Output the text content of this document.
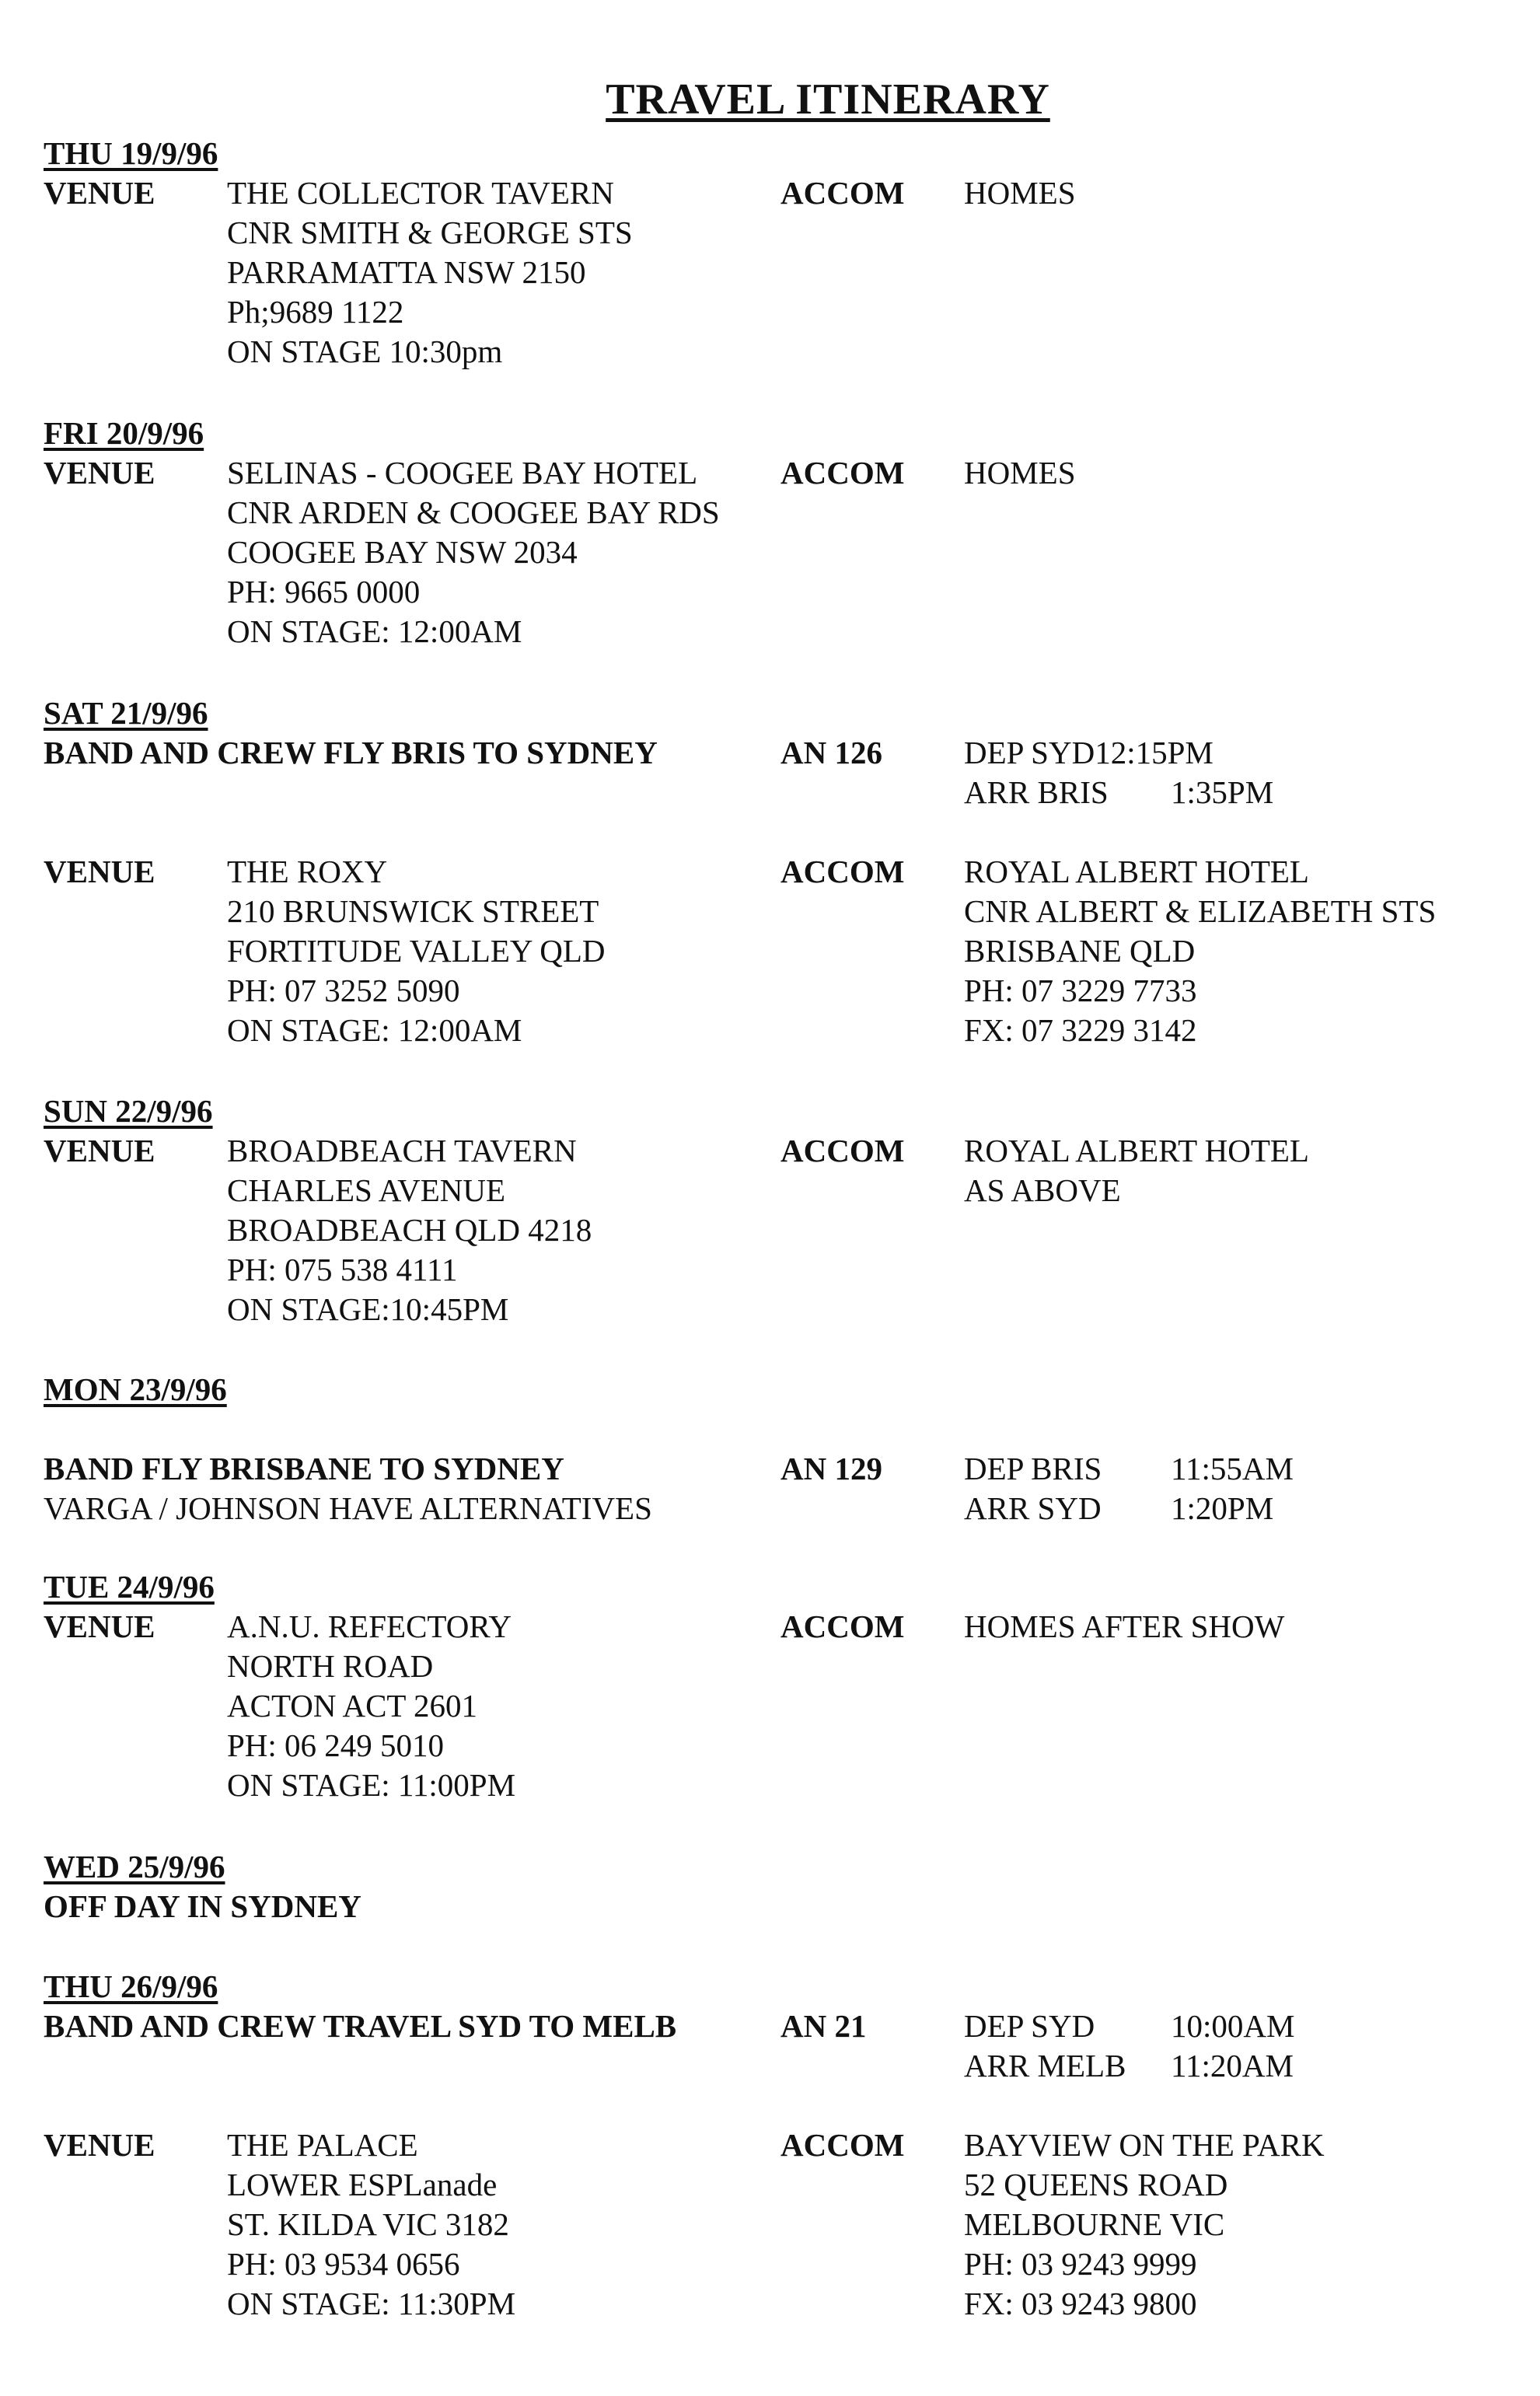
TRAVEL ITINERARY
THU 19/9/96
VENUE THE COLLECTOR TAVERN	ACCOM HOMES
CNR SMITH & GEORGE STS
PARRAMATTA NSW 2150
Ph;9689 1122
ON STAGE 10:30pm
FRI 20/9/96
VENUE SELINAS - COOGEE BAY HOTEL	ACCOM HOMES
CNR ARDEN & COOGEE BAY RDS
COOGEE BAY NSW 2034
PH: 9665 0000
ON STAGE: 12:00AM
SAT 21/9/96
BAND AND CREW FLY BRIS TO SYDNEY	AN 126	DEP SYD12:15PM
ARR BRIS 1:35PM
VENUE THE ROXY	ACCOM ROYAL ALBERT HOTEL
210 BRUNSWICK STREET	CNR ALBERT & ELIZABETH STS
FORTITUDE VALLEY QLD	BRISBANE QLD
PH: 07 3252 5090	PH: 07 3229 7733
ON STAGE: 12:00AM	FX: 07 3229 3142
SUN 22/9/96
VENUE BROADBEACH TAVERN	ACCOM ROYAL ALBERT HOTEL
CHARLES AVENUE	AS ABOVE
BROADBEACH QLD 4218
PH: 075 538 4111
ON STAGE:10:45PM
MON 23/9/96
BAND FLY BRISBANE TO SYDNEY	AN 129	DEP BRIS 11:55AM
VARGA / JOHNSON HAVE ALTERNATIVES	ARR SYD 1:20PM
TUE 24/9/96
VENUE A.N.U. REFECTORY	ACCOM HOMES AFTER SHOW
NORTH ROAD
ACTON ACT 2601
PH: 06 249 5010
ON STAGE: 11:00PM
WED 25/9/96
OFF DAY IN SYDNEY
THU 26/9/96
BAND AND CREW TRAVEL SYD TO MELB	AN 21	DEP SYD 10:00AM
ARR MELB 11:20AM
VENUE THE PALACE	ACCOM BAYVIEW ON THE PARK
LOWER ESPLanade	52 QUEENS ROAD
ST. KILDA VIC 3182	MELBOURNE VIC
PH: 03 9534 0656	PH: 03 9243 9999
ON STAGE: 11:30PM	FX: 03 9243 9800
